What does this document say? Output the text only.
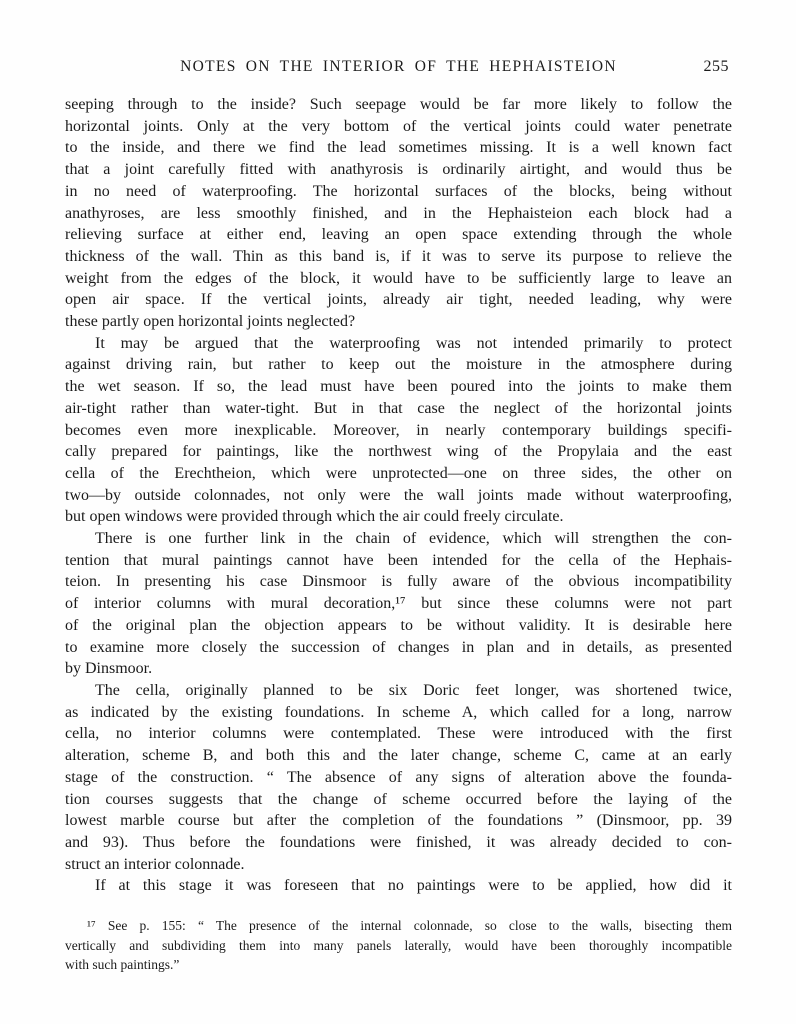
NOTES ON THE INTERIOR OF THE HEPHAISTEION	255
seeping through to the inside? Such seepage would be far more likely to follow the
horizontal joints. Only at the very bottom of the vertical joints could water penetrate
to the inside, and there we find the lead sometimes missing. It is a well known fact
that a joint carefully fitted with anathyrosis is ordinarily airtight, and would thus be
in no need of waterproofing. The horizontal surfaces of the blocks, being without
anathyroses, are less smoothly finished, and in the Hephaisteion each block had a
relieving surface at either end, leaving an open space extending through the whole
thickness of the wall. Thin as this band is, if it was to serve its purpose to relieve the
weight from the edges of the block, it would have to be sufficiently large to leave an
open air space. If the vertical joints, already air tight, needed leading, why were
these partly open horizontal joints neglected?
It may be argued that the waterproofing was not intended primarily to protect
against driving rain, but rather to keep out the moisture in the atmosphere during
the wet season. If so, the lead must have been poured into the joints to make them
air-tight rather than water-tight. But in that case the neglect of the horizontal joints
becomes even more inexplicable. Moreover, in nearly contemporary buildings specifi-
cally prepared for paintings, like the northwest wing of the Propylaia and the east
cella of the Erechtheion, which were unprotected—one on three sides, the other on
two—by outside colonnades, not only were the wall joints made without waterproofing,
but open windows were provided through which the air could freely circulate.
There is one further link in the chain of evidence, which will strengthen the con-
tention that mural paintings cannot have been intended for the cella of the Hephais-
teion. In presenting his case Dinsmoor is fully aware of the obvious incompatibility
of interior columns with mural decoration,¹⁷ but since these columns were not part
of the original plan the objection appears to be without validity. It is desirable here
to examine more closely the succession of changes in plan and in details, as presented
by Dinsmoor.
The cella, originally planned to be six Doric feet longer, was shortened twice,
as indicated by the existing foundations. In scheme A, which called for a long, narrow
cella, no interior columns were contemplated. These were introduced with the first
alteration, scheme B, and both this and the later change, scheme C, came at an early
stage of the construction. “ The absence of any signs of alteration above the founda-
tion courses suggests that the change of scheme occurred before the laying of the
lowest marble course but after the completion of the foundations ” (Dinsmoor, pp. 39
and 93). Thus before the foundations were finished, it was already decided to con-
struct an interior colonnade.
If at this stage it was foreseen that no paintings were to be applied, how did it
¹⁷ See p. 155: “ The presence of the internal colonnade, so close to the walls, bisecting them
vertically and subdividing them into many panels laterally, would have been thoroughly incompatible
with such paintings.”
